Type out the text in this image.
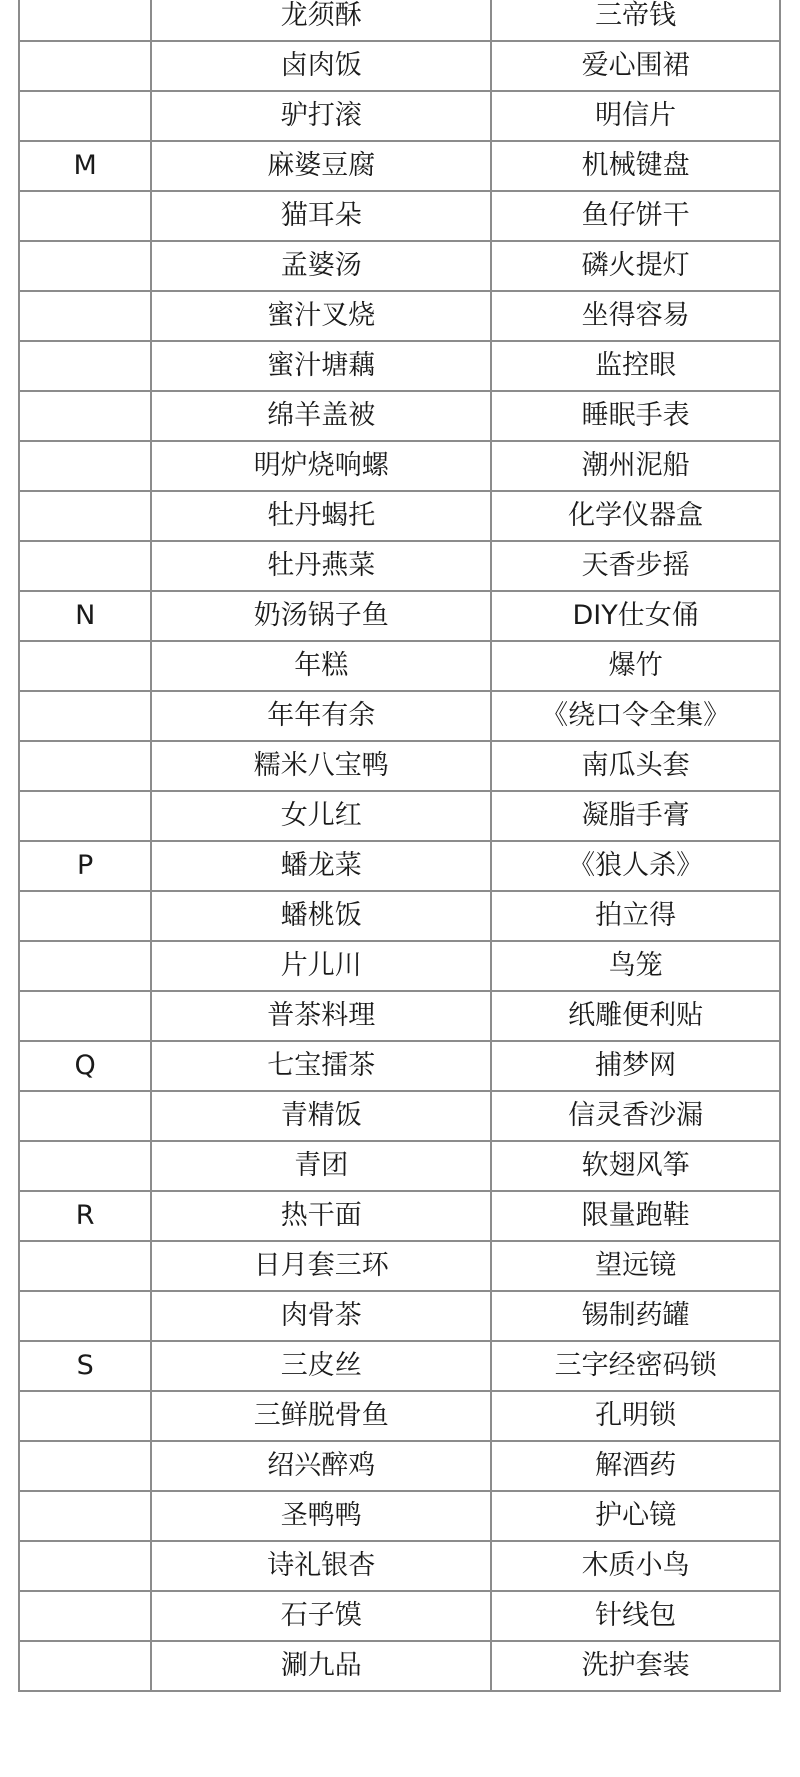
	龙须酥	三帝钱
	卤肉饭	爱心围裙
	驴打滚	明信片
M	麻婆豆腐	机械键盘
	猫耳朵	鱼仔饼干
	孟婆汤	磷火提灯
	蜜汁叉烧	坐得容易
	蜜汁塘藕	监控眼
	绵羊盖被	睡眠手表
	明炉烧响螺	潮州泥船
	牡丹蝎托	化学仪器盒
	牡丹燕菜	天香步摇
N	奶汤锅子鱼	DIY仕女俑
	年糕	爆竹
	年年有余	《绕口令全集》
	糯米八宝鸭	南瓜头套
	女儿红	凝脂手膏
P	蟠龙菜	《狼人杀》
	蟠桃饭	拍立得
	片儿川	鸟笼
	普茶料理	纸雕便利贴
Q	七宝擂茶	捕梦网
	青精饭	信灵香沙漏
	青团	软翅风筝
R	热干面	限量跑鞋
	日月套三环	望远镜
	肉骨茶	锡制药罐
S	三皮丝	三字经密码锁
	三鲜脱骨鱼	孔明锁
	绍兴醉鸡	解酒药
	圣鸭鸭	护心镜
	诗礼银杏	木质小鸟
	石子馍	针线包
	涮九品	洗护套装
